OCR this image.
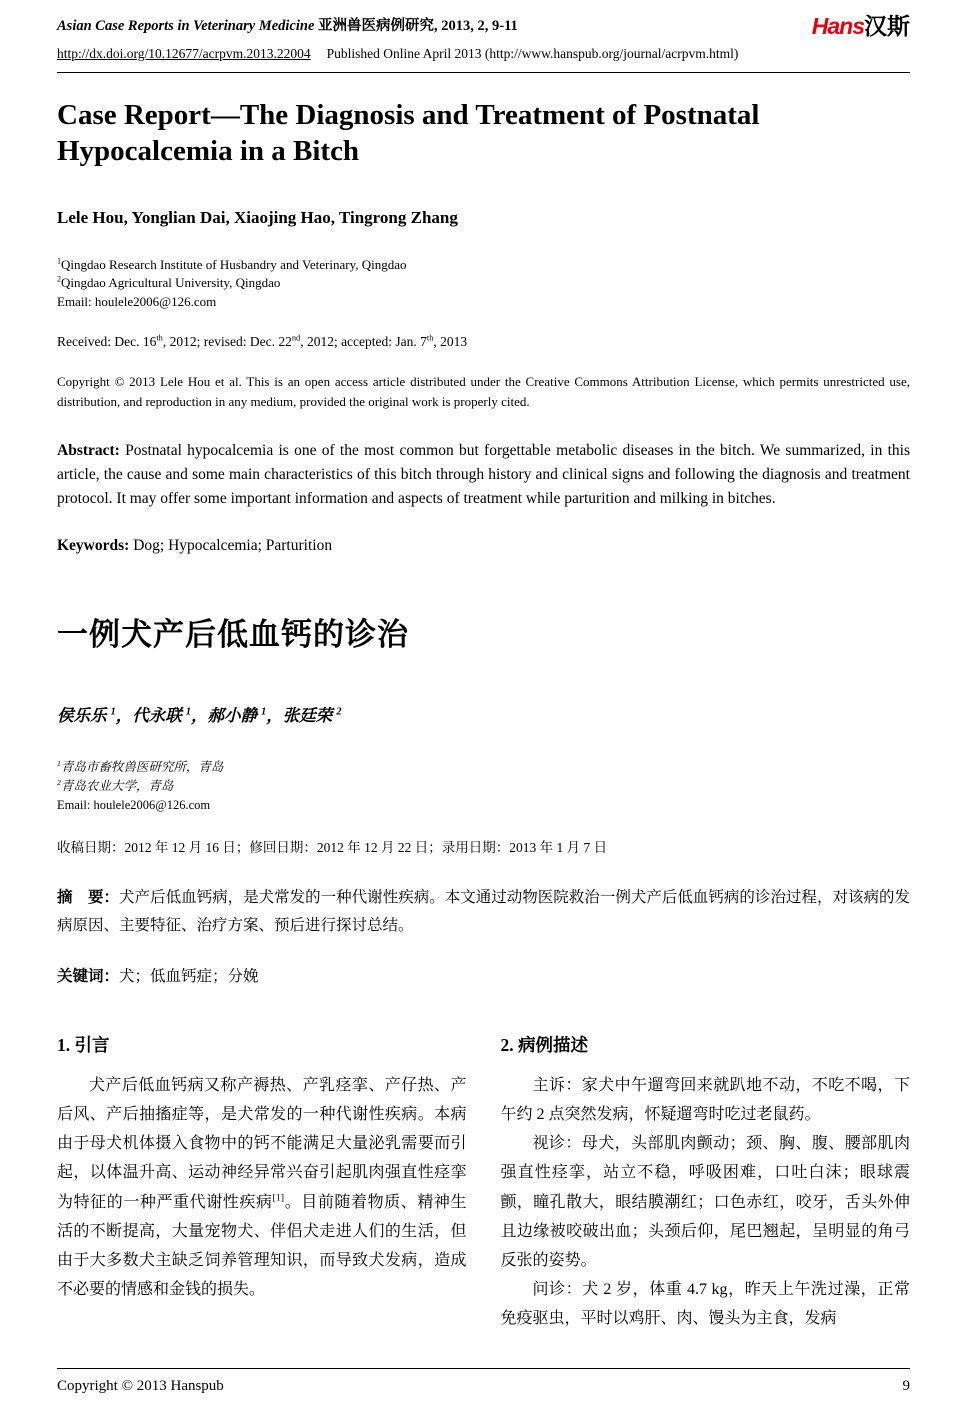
Asian Case Reports in Veterinary Medicine 亚洲兽医病例研究, 2013, 2, 9-11	Hans汉斯
http://dx.doi.org/10.12677/acrpvm.2013.22004 Published Online April 2013 (http://www.hanspub.org/journal/acrpvm.html)
Case Report—The Diagnosis and Treatment of Postnatal Hypocalcemia in a Bitch

Lele Hou, Yonglian Dai, Xiaojing Hao, Tingrong Zhang

$^1$Qingdao Research Institute of Husbandry and Veterinary, Qingdao

$^2$Qingdao Agricultural University, Qingdao

Email: houlele2006@126.com

Received: Dec. 16th, 2012; revised: Dec. 22nd, 2012; accepted: Jan. 7th, 2013

Copyright © 2013 Lele Hou et al. This is an open access article distributed under the Creative Commons Attribution License, which permits unrestricted use, distribution, and reproduction in any medium, provided the original work is properly cited.

Abstract: Postnatal hypocalcemia is one of the most common but forgettable metabolic diseases in the bitch. We summarized, in this article, the cause and some main characteristics of this bitch through history and clinical signs and following the diagnosis and treatment protocol. It may offer some important information and aspects of treatment while parturition and milking in bitches.

Keywords: Dog; Hypocalcemia; Parturition

一例犬产后低血钙的诊治

侯乐乐 $^1$，代永联 $^1$，郝小静 $^1$，张廷荣 $^2$

$^1$青岛市畜牧兽医研究所，青岛

$^2$青岛农业大学，青岛

Email: houlele2006@126.com

收稿日期：2012 年 12 月 16 日；修回日期：2012 年 12 月 22 日；录用日期：2013 年 1 月 7 日

摘　要：犬产后低血钙病，是犬常发的一种代谢性疾病。本文通过动物医院救治一例犬产后低血钙病的诊治过程，对该病的发病原因、主要特征、治疗方案、预后进行探讨总结。

关键词：犬；低血钙症；分娩

1. 引言

犬产后低血钙病又称产褥热、产乳痉挛、产仔热、产后风、产后抽搐症等，是犬常发的一种代谢性疾病。本病由于母犬机体摄入食物中的钙不能满足大量泌乳需要而引起，以体温升高、运动神经异常兴奋引起肌肉强直性痉挛为特征的一种严重代谢性疾病[1]。目前随着物质、精神生活的不断提高，大量宠物犬、伴侣犬走进人们的生活，但由于大多数犬主缺乏饲养管理知识，而导致犬发病，造成不必要的情感和金钱的损失。

2. 病例描述

主诉：家犬中午遛弯回来就趴地不动，不吃不喝，下午约 2 点突然发病，怀疑遛弯时吃过老鼠药。

视诊：母犬，头部肌肉颤动；颈、胸、腹、腰部肌肉强直性痉挛，站立不稳，呼吸困难，口吐白沫；眼球震颤，瞳孔散大，眼结膜潮红；口色赤红，咬牙，舌头外伸且边缘被咬破出血；头颈后仰，尾巴翘起，呈明显的角弓反张的姿势。

问诊：犬 2 岁，体重 4.7 kg，昨天上午洗过澡，正常免疫驱虫，平时以鸡肝、肉、馒头为主食，发病

Copyright © 2013 Hanspub	9
